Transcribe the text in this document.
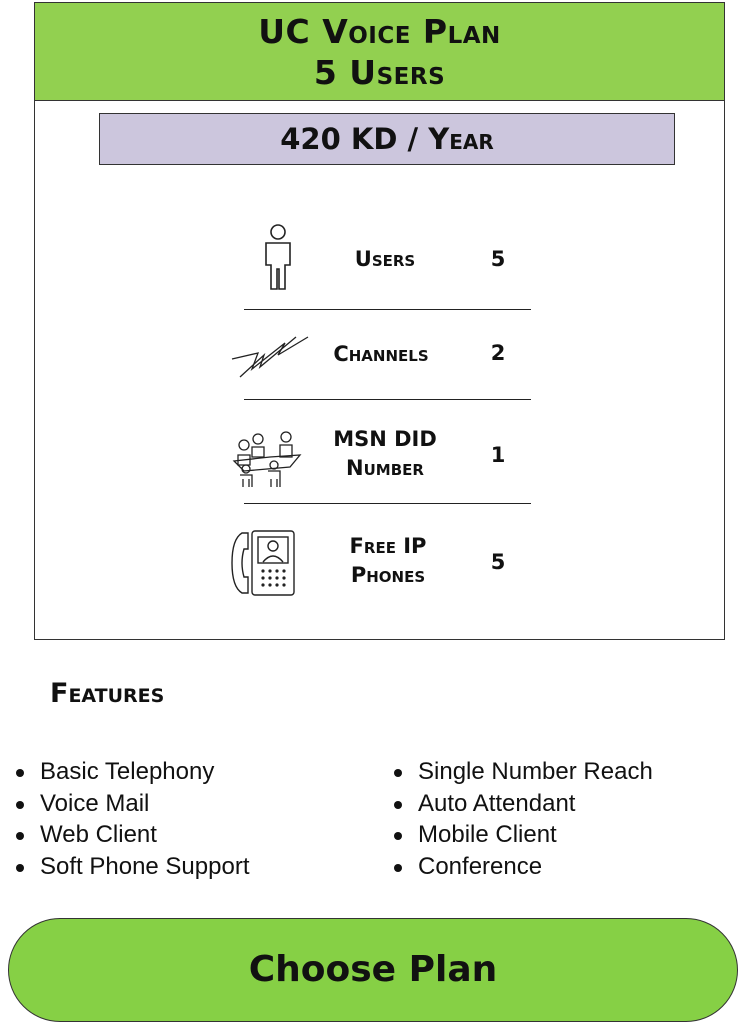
UC Voice Plan
5 Users
420 KD / Year
Users	5
Channels	2
MSN DID
Number
1
Free IP
Phones
5
Features
Basic Telephony
Voice Mail
Web Client
Soft Phone Support
Single Number Reach
Auto Attendant
Mobile Client
Conference
Choose Plan
